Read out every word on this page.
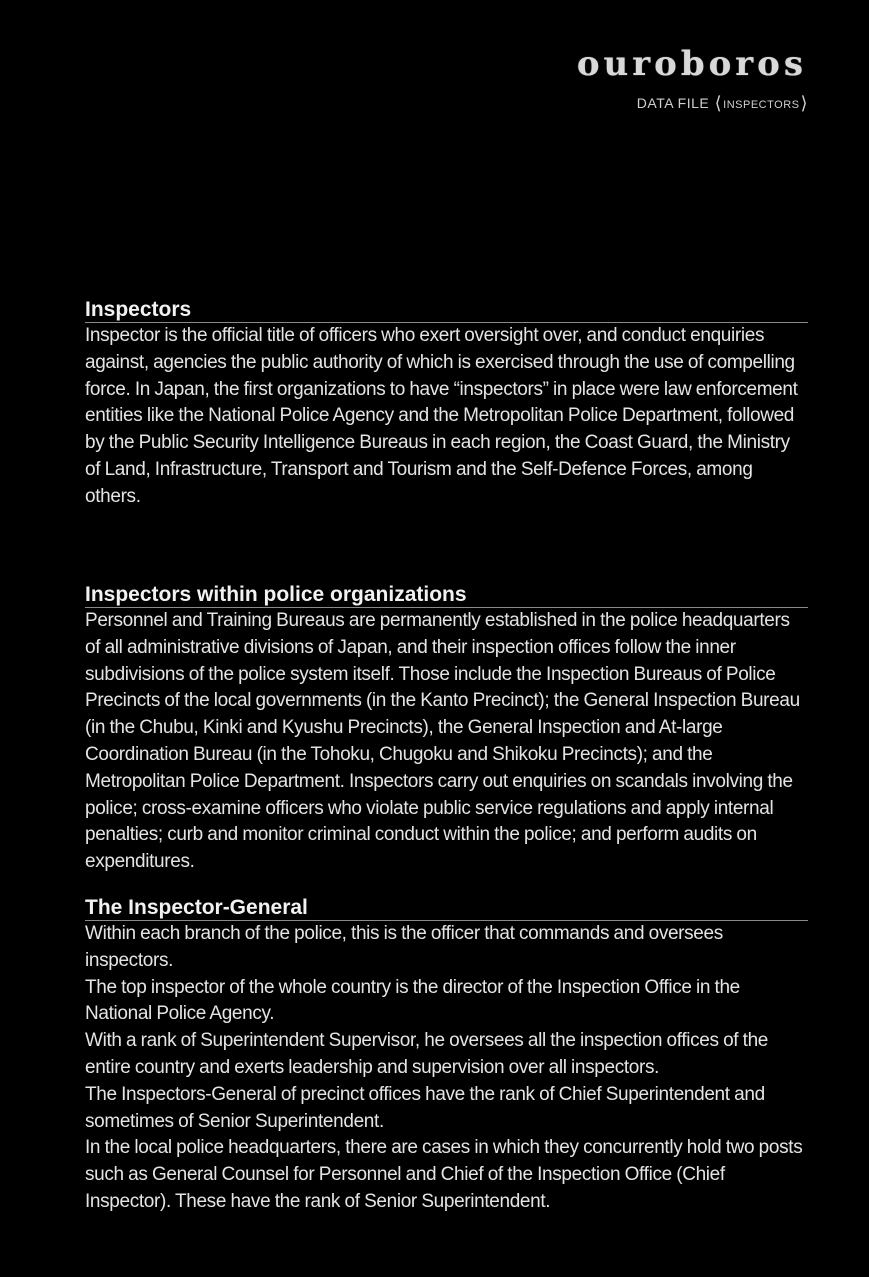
ouroboros
DATA FILE ⟨INSPECTORS⟩
Inspectors

Inspector is the official title of officers who exert oversight over, and conduct enquiries against, agencies the public authority of which is exercised through the use of compelling force. In Japan, the first organizations to have “inspectors” in place were law enforcement entities like the National Police Agency and the Metropolitan Police Department, followed by the Public Security Intelligence Bureaus in each region, the Coast Guard, the Ministry of Land, Infrastructure, Transport and Tourism and the Self-Defence Forces, among others.

Inspectors within police organizations

Personnel and Training Bureaus are permanently established in the police headquarters of all administrative divisions of Japan, and their inspection offices follow the inner subdivisions of the police system itself. Those include the Inspection Bureaus of Police Precincts of the local governments (in the Kanto Precinct); the General Inspection Bureau (in the Chubu, Kinki and Kyushu Precincts), the General Inspection and At-large Coordination Bureau (in the Tohoku, Chugoku and Shikoku Precincts); and the Metropolitan Police Department. Inspectors carry out enquiries on scandals involving the police; cross-examine officers who violate public service regulations and apply internal penalties; curb and monitor criminal conduct within the police; and perform audits on expenditures.

The Inspector-General

Within each branch of the police, this is the officer that commands and oversees inspectors.

The top inspector of the whole country is the director of the Inspection Office in the National Police Agency.

With a rank of Superintendent Supervisor, he oversees all the inspection offices of the entire country and exerts leadership and supervision over all inspectors.

The Inspectors-General of precinct offices have the rank of Chief Superintendent and sometimes of Senior Superintendent.

In the local police headquarters, there are cases in which they concurrently hold two posts such as General Counsel for Personnel and Chief of the Inspection Office (Chief Inspector). These have the rank of Senior Superintendent.
